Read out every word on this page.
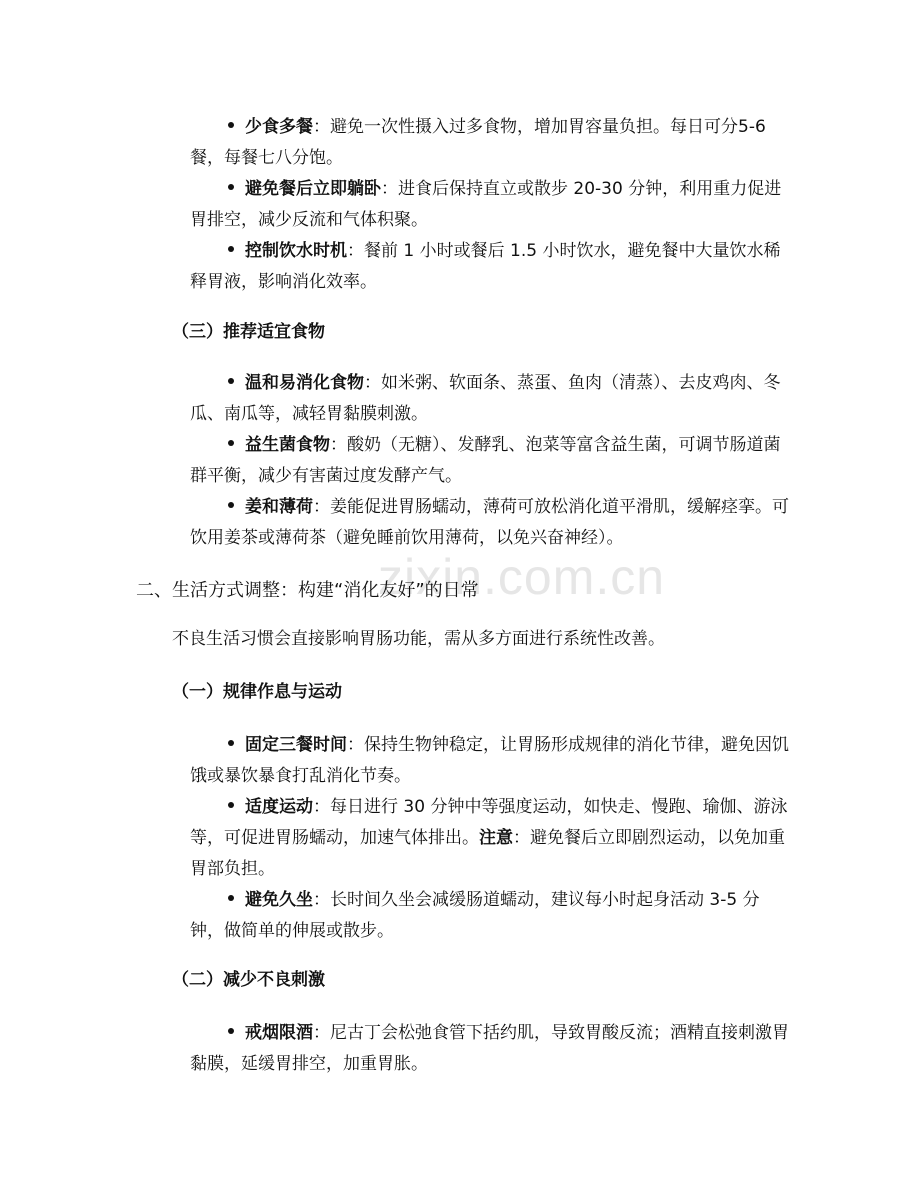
zixin.com.cn

少食多餐：避免一次性摄入过多食物，增加胃容量负担。每日可分5-6 餐，每餐七八分饱。

避免餐后立即躺卧：进食后保持直立或散步 20-30 分钟，利用重力促进胃排空，减少反流和气体积聚。

控制饮水时机：餐前 1 小时或餐后 1.5 小时饮水，避免餐中大量饮水稀释胃液，影响消化效率。

（三）推荐适宜食物

温和易消化食物：如米粥、软面条、蒸蛋、鱼肉（清蒸）、去皮鸡肉、冬瓜、南瓜等，减轻胃黏膜刺激。

益生菌食物：酸奶（无糖）、发酵乳、泡菜等富含益生菌，可调节肠道菌群平衡，减少有害菌过度发酵产气。

姜和薄荷：姜能促进胃肠蠕动，薄荷可放松消化道平滑肌，缓解痉挛。可饮用姜茶或薄荷茶（避免睡前饮用薄荷，以免兴奋神经）。

二、生活方式调整：构建“消化友好”的日常

不良生活习惯会直接影响胃肠功能，需从多方面进行系统性改善。

（一）规律作息与运动

固定三餐时间：保持生物钟稳定，让胃肠形成规律的消化节律，避免因饥饿或暴饮暴食打乱消化节奏。

适度运动：每日进行 30 分钟中等强度运动，如快走、慢跑、瑜伽、游泳等，可促进胃肠蠕动，加速气体排出。注意：避免餐后立即剧烈运动，以免加重胃部负担。

避免久坐：长时间久坐会减缓肠道蠕动，建议每小时起身活动 3-5 分钟，做简单的伸展或散步。

（二）减少不良刺激

戒烟限酒：尼古丁会松弛食管下括约肌，导致胃酸反流；酒精直接刺激胃黏膜，延缓胃排空，加重胃胀。
